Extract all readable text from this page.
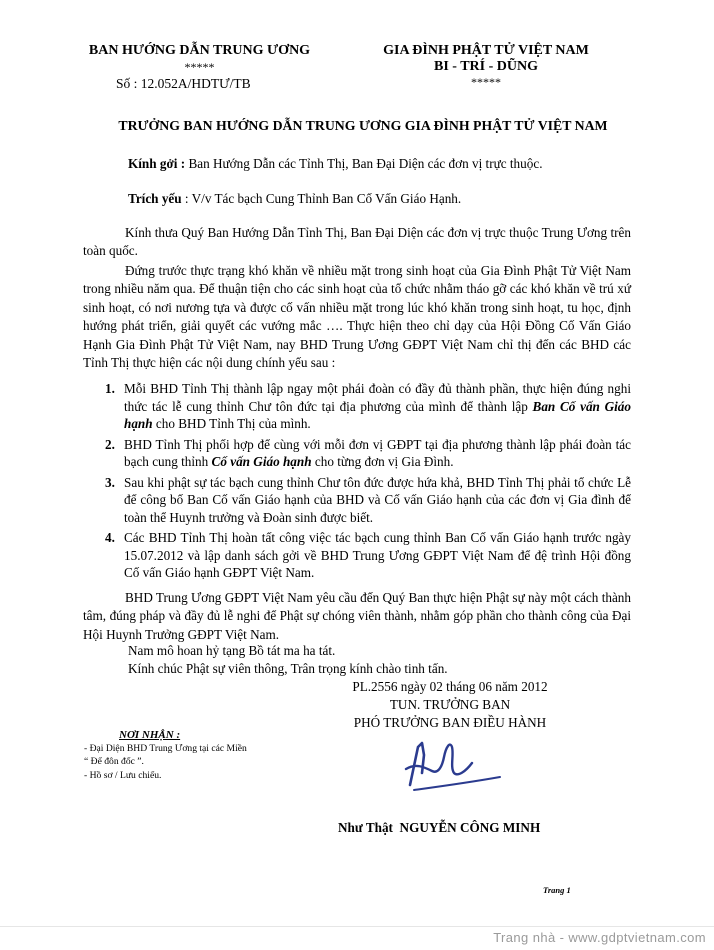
BAN HƯỚNG DẪN TRUNG ƯƠNG
*****
Số : 12.052A/HDTƯ/TB
GIA ĐÌNH PHẬT TỬ VIỆT NAM
BI - TRÍ - DŨNG
*****
TRƯỞNG BAN HƯỚNG DẪN TRUNG ƯƠNG GIA ĐÌNH PHẬT TỬ VIỆT NAM
Kính gởi : Ban Hướng Dẫn các Tỉnh Thị, Ban Đại Diện các đơn vị trực thuộc.
Trích yếu : V/v Tác bạch Cung Thỉnh Ban Cố Vấn Giáo Hạnh.
Kính thưa Quý Ban Hướng Dẫn Tỉnh Thị, Ban Đại Diện các đơn vị trực thuộc Trung Ương trên toàn quốc.
Đứng trước thực trạng khó khăn về nhiều mặt trong sinh hoạt của Gia Đình Phật Tử Việt Nam trong nhiều năm qua. Để thuận tiện cho các sinh hoạt của tổ chức nhằm tháo gỡ các khó khăn về trú xứ sinh hoạt, có nơi nương tựa và được cố vấn nhiều mặt trong lúc khó khăn trong sinh hoạt, tu học, định hướng phát triển, giải quyết các vướng mắc …. Thực hiện theo chỉ dạy của Hội Đồng Cố Vấn Giáo Hạnh Gia Đình Phật Tử Việt Nam, nay BHD Trung Ương GĐPT Việt Nam chỉ thị đến các BHD các Tỉnh Thị thực hiện các nội dung chính yếu sau :
1. Mỗi BHD Tỉnh Thị thành lập ngay một phái đoàn có đầy đủ thành phần, thực hiện đúng nghi thức tác lễ cung thỉnh Chư tôn đức tại địa phương của mình để thành lập Ban Cố vấn Giáo hạnh cho BHD Tỉnh Thị của mình.
2. BHD Tỉnh Thị phối hợp để cùng với mỗi đơn vị GĐPT tại địa phương thành lập phái đoàn tác bạch cung thỉnh Cố vấn Giáo hạnh cho từng đơn vị Gia Đình.
3. Sau khi phật sự tác bạch cung thỉnh Chư tôn đức được hứa khả, BHD Tỉnh Thị phải tổ chức Lễ để công bố Ban Cố vấn Giáo hạnh của BHD và Cố vấn Giáo hạnh của các đơn vị Gia đình để toàn thể Huynh trưởng và Đoàn sinh được biết.
4. Các BHD Tỉnh Thị hoàn tất công việc tác bạch cung thỉnh Ban Cố vấn Giáo hạnh trước ngày 15.07.2012 và lập danh sách gởi về BHD Trung Ương GĐPT Việt Nam để đệ trình Hội đồng Cố vấn Giáo hạnh GĐPT Việt Nam.
BHD Trung Ương GĐPT Việt Nam yêu cầu đến Quý Ban thực hiện Phật sự này một cách thành tâm, đúng pháp và đầy đủ lễ nghi để Phật sự chóng viên thành, nhằm góp phần cho thành công của Đại Hội Huynh Trưởng GĐPT Việt Nam.
Nam mô hoan hỷ tạng Bồ tát ma ha tát.
Kính chúc Phật sự viên thông, Trân trọng kính chào tinh tấn.
PL.2556 ngày 02 tháng 06 năm 2012
TUN. TRƯỞNG BAN
PHÓ TRƯỞNG BAN ĐIỀU HÀNH
Như Thật NGUYỄN CÔNG MINH
NƠI NHẬN :
- Đại Diện BHD Trung Ương tại các Miền
“ Để đôn đốc ”.
- Hồ sơ / Lưu chiểu.
Trang 1
Trang nhà - www.gdptvietnam.com
